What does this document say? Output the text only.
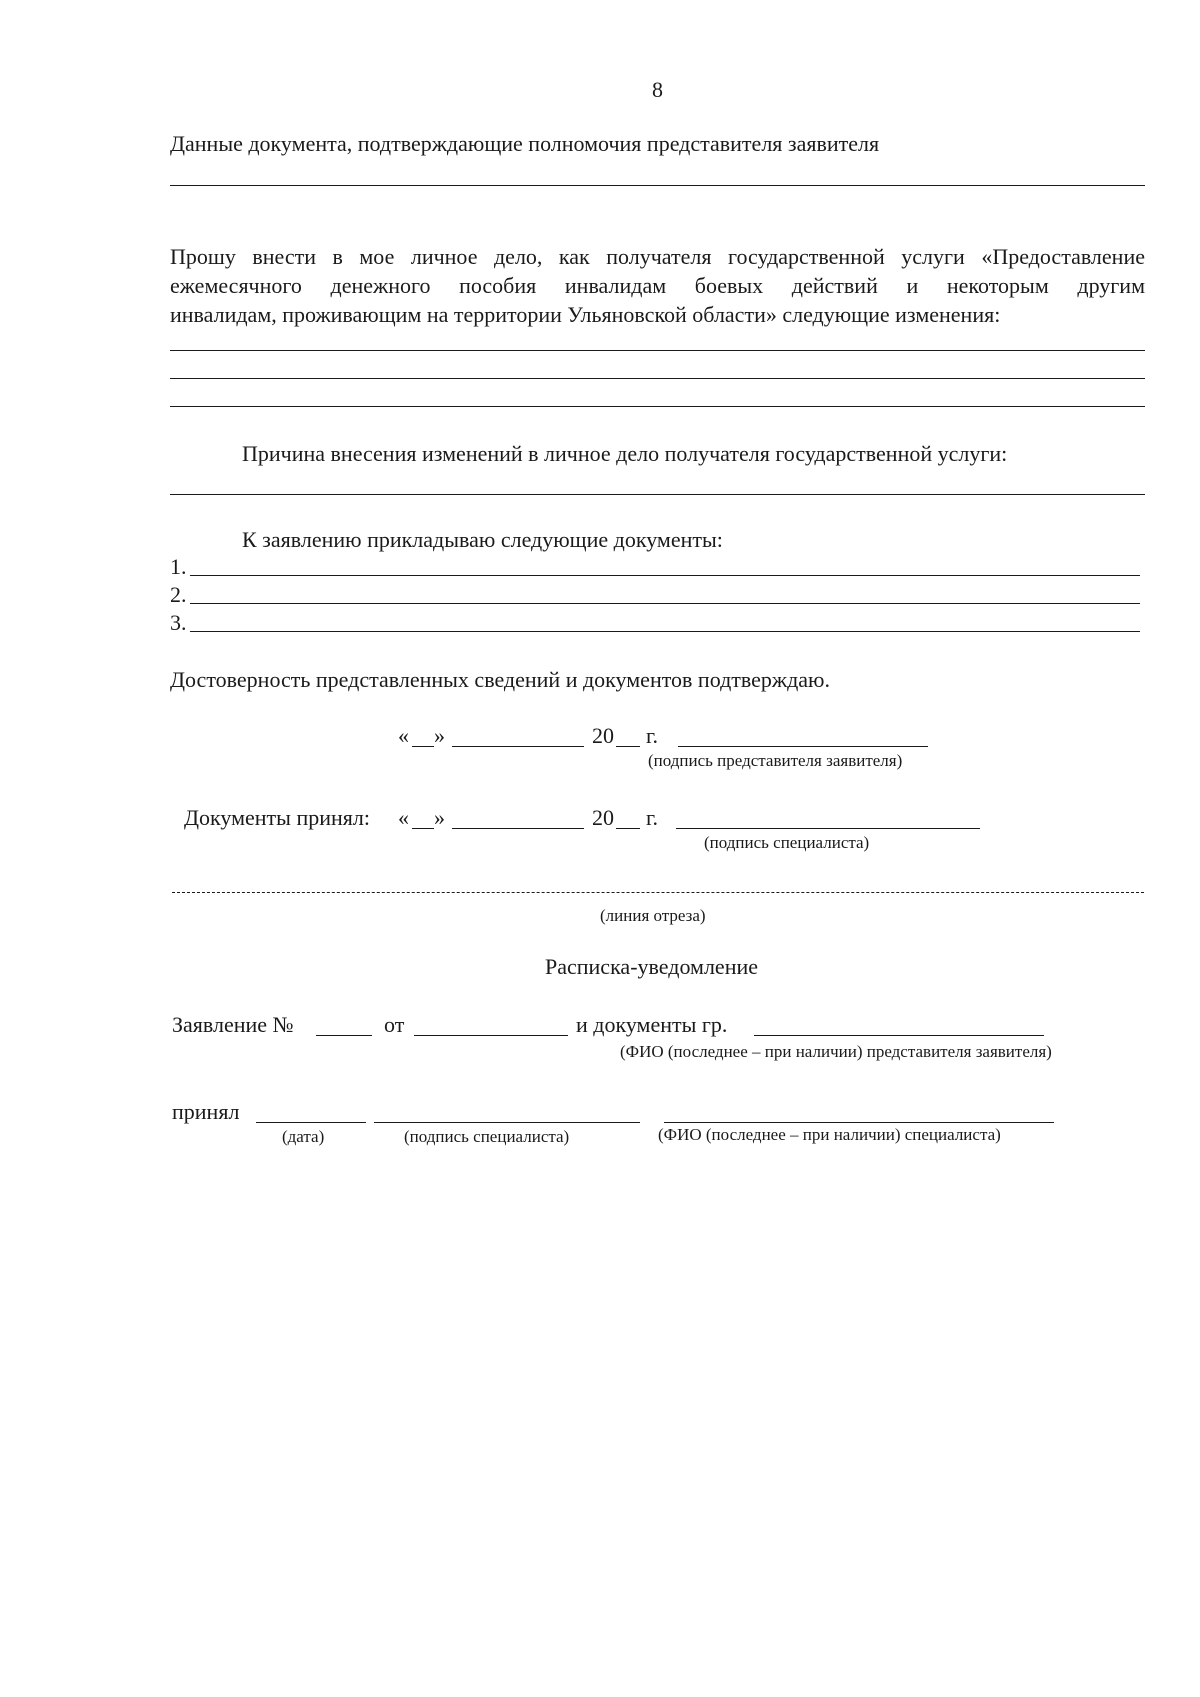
8
Данные документа, подтверждающие полномочия представителя заявителя
Прошу внести в мое личное дело, как получателя государственной услуги «Предоставление
ежемесячного денежного пособия инвалидам боевых действий и некоторым другим
инвалидам, проживающим на территории Ульяновской области» следующие изменения:
Причина внесения изменений в личное дело получателя государственной услуги:
К заявлению прикладываю следующие документы:
1.
2.
3.
Достоверность представленных сведений и документов подтверждаю.
« »	20 г.
(подпись представителя заявителя)
Документы принял: « »	20 г.
(подпись специалиста)
(линия отреза)
Расписка-уведомление
Заявление №	от	и документы гр.
(ФИО (последнее – при наличии) представителя заявителя)
принял
(дата)	(подпись специалиста)	(ФИО (последнее – при наличии) специалиста)
